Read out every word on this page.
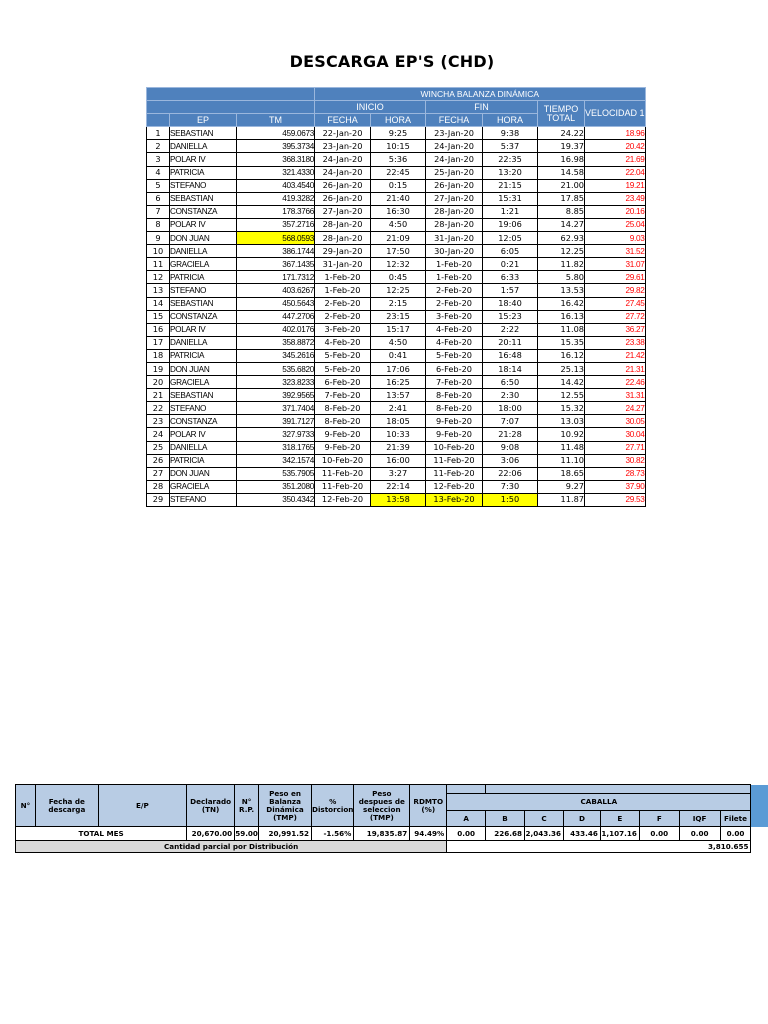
DESCARGA EP'S (CHD)
			WINCHA BALANZA DINÁMICA					
			INICIO		FIN		TIEMPO TOTAL	VELOCIDAD 1
	EP	TM	FECHA	HORA	FECHA	HORA		
1	SEBASTIAN	459.0673	22-Jan-20	9:25	23-Jan-20	9:38	24.22	18.96
2	DANIELLA	395.3734	23-Jan-20	10:15	24-Jan-20	5:37	19.37	20.42
3	POLAR IV	368.3180	24-Jan-20	5:36	24-Jan-20	22:35	16.98	21.69
4	PATRICIA	321.4330	24-Jan-20	22:45	25-Jan-20	13:20	14.58	22.04
5	STEFANO	403.4540	26-Jan-20	0:15	26-Jan-20	21:15	21.00	19.21
6	SEBASTIAN	419.3282	26-Jan-20	21:40	27-Jan-20	15:31	17.85	23.49
7	CONSTANZA	178.3766	27-Jan-20	16:30	28-Jan-20	1:21	8.85	20.16
8	POLAR IV	357.2716	28-Jan-20	4:50	28-Jan-20	19:06	14.27	25.04
9	DON JUAN	568.0593	28-Jan-20	21:09	31-Jan-20	12:05	62.93	9.03
10	DANIELLA	386.1744	29-Jan-20	17:50	30-Jan-20	6:05	12.25	31.52
11	GRACIELA	367.1435	31-Jan-20	12:32	1-Feb-20	0:21	11.82	31.07
12	PATRICIA	171.7312	1-Feb-20	0:45	1-Feb-20	6:33	5.80	29.61
13	STEFANO	403.6267	1-Feb-20	12:25	2-Feb-20	1:57	13.53	29.82
14	SEBASTIAN	450.5643	2-Feb-20	2:15	2-Feb-20	18:40	16.42	27.45
15	CONSTANZA	447.2706	2-Feb-20	23:15	3-Feb-20	15:23	16.13	27.72
16	POLAR IV	402.0176	3-Feb-20	15:17	4-Feb-20	2:22	11.08	36.27
17	DANIELLA	358.8872	4-Feb-20	4:50	4-Feb-20	20:11	15.35	23.38
18	PATRICIA	345.2616	5-Feb-20	0:41	5-Feb-20	16:48	16.12	21.42
19	DON JUAN	535.6820	5-Feb-20	17:06	6-Feb-20	18:14	25.13	21.31
20	GRACIELA	323.8233	6-Feb-20	16:25	7-Feb-20	6:50	14.42	22.46
21	SEBASTIAN	392.9565	7-Feb-20	13:57	8-Feb-20	2:30	12.55	31.31
22	STEFANO	371.7404	8-Feb-20	2:41	8-Feb-20	18:00	15.32	24.27
23	CONSTANZA	391.7127	8-Feb-20	18:05	9-Feb-20	7:07	13.03	30.05
24	POLAR IV	327.9733	9-Feb-20	10:33	9-Feb-20	21:28	10.92	30.04
25	DANIELLA	318.1765	9-Feb-20	21:39	10-Feb-20	9:08	11.48	27.71
26	PATRICIA	342.1574	10-Feb-20	16:00	11-Feb-20	3:06	11.10	30.82
27	DON JUAN	535.7905	11-Feb-20	3:27	11-Feb-20	22:06	18.65	28.73
28	GRACIELA	351.2080	11-Feb-20	22:14	12-Feb-20	7:30	9.27	37.90
29	STEFANO	350.4342	12-Feb-20	13:58	13-Feb-20	1:50	11.87	29.53
N°	Fecha de descarga	E/P	Declarado (TN)	N° R.P.	Peso en Balanza Dinámica (TMP)	% Distorcion	Peso despues de seleccion (TMP)	RDMTO (%)									
									CABALLA								
									A	B	C	D	E	F	IQF	Filete	
TOTAL MES			20,670.00	59.00	20,991.52	-1.56%	19,835.87	94.49%	0.00	226.68	2,043.36	433.46	1,107.16	0.00	0.00	0.00	
Cantidad parcial por Distribución									3,810.655								
